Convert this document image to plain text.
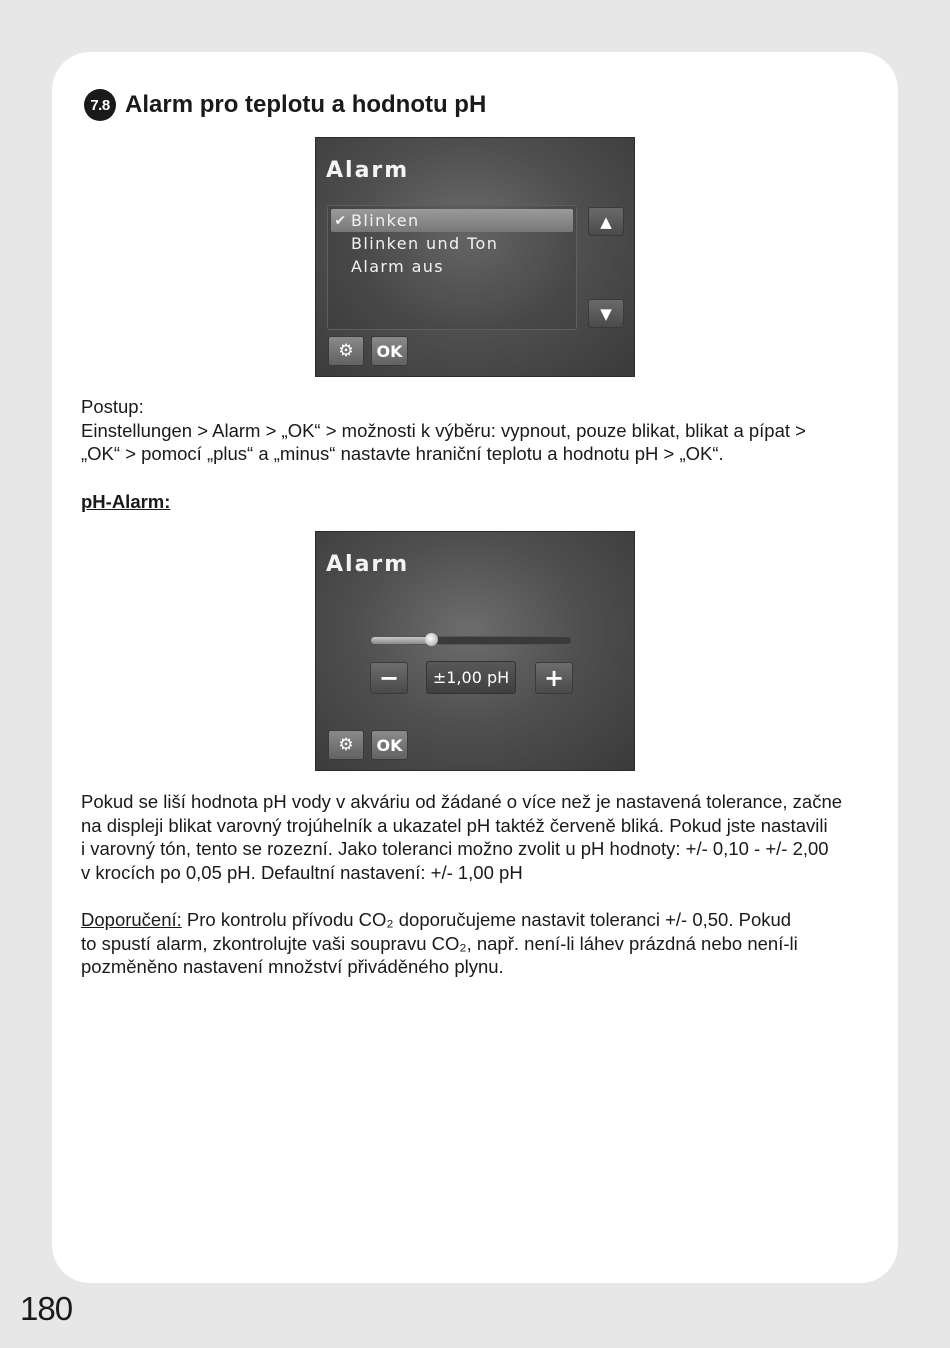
7.8 Alarm pro teplotu a hodnotu pH
Alarm
✔ Blinken
Blinken und Ton
Alarm aus
▲
▼
⚙	OK

Postup:

Einstellungen > Alarm > „OK“ > možnosti k výběru: vypnout, pouze blikat, blikat a pípat >

„OK“ > pomocí „plus“ a „minus“ nastavte hraniční teplotu a hodnotu pH > „OK“.

pH-Alarm:

Alarm
−	±1,00 pH	+
⚙	OK

Pokud se liší hodnota pH vody v akváriu od žádané o více než je nastavená tolerance, začne

na displeji blikat varovný trojúhelník a ukazatel pH taktéž červeně bliká. Pokud jste nastavili

i varovný tón, tento se rozezní. Jako toleranci možno zvolit u pH hodnoty: +/- 0,10 - +/- 2,00

v krocích po 0,05 pH. Defaultní nastavení: +/- 1,00 pH

Doporučení: Pro kontrolu přívodu CO₂ doporučujeme nastavit toleranci +/- 0,50. Pokud

to spustí alarm, zkontrolujte vaši soupravu CO₂, např. není-li láhev prázdná nebo není-li

pozměněno nastavení množství přiváděného plynu.

180
